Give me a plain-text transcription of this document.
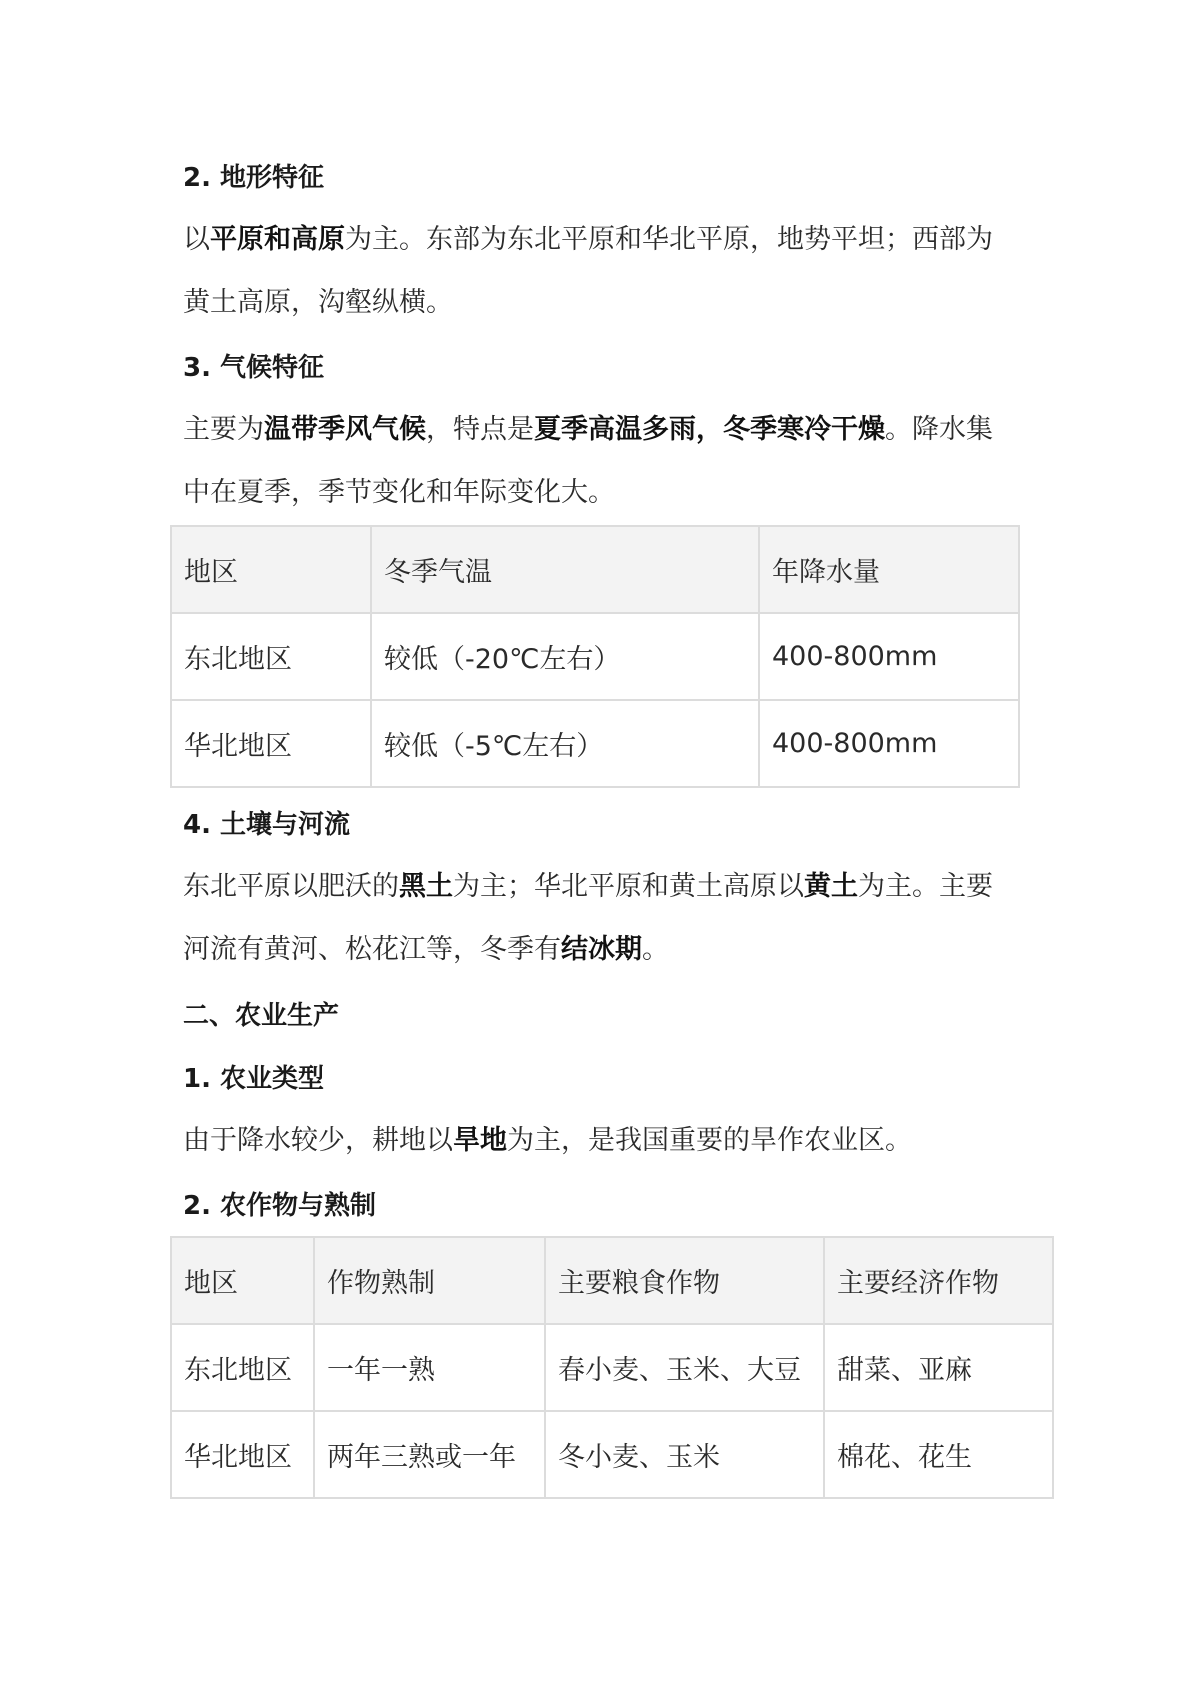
2. 地形特征
以平原和高原为主。东部为东北平原和华北平原，地势平坦；西部为
黄土高原，沟壑纵横。
3. 气候特征
主要为温带季风气候，特点是夏季高温多雨，冬季寒冷干燥。降水集
中在夏季，季节变化和年际变化大。
地区	冬季气温	年降水量
东北地区	较低（-20℃左右）	400-800mm
华北地区	较低（-5℃左右）	400-800mm
4. 土壤与河流
东北平原以肥沃的黑土为主；华北平原和黄土高原以黄土为主。主要
河流有黄河、松花江等，冬季有结冰期。
二、农业生产
1. 农业类型
由于降水较少，耕地以旱地为主，是我国重要的旱作农业区。
2. 农作物与熟制
地区	作物熟制	主要粮食作物	主要经济作物
东北地区	一年一熟	春小麦、玉米、大豆	甜菜、亚麻
华北地区	两年三熟或一年	冬小麦、玉米	棉花、花生
